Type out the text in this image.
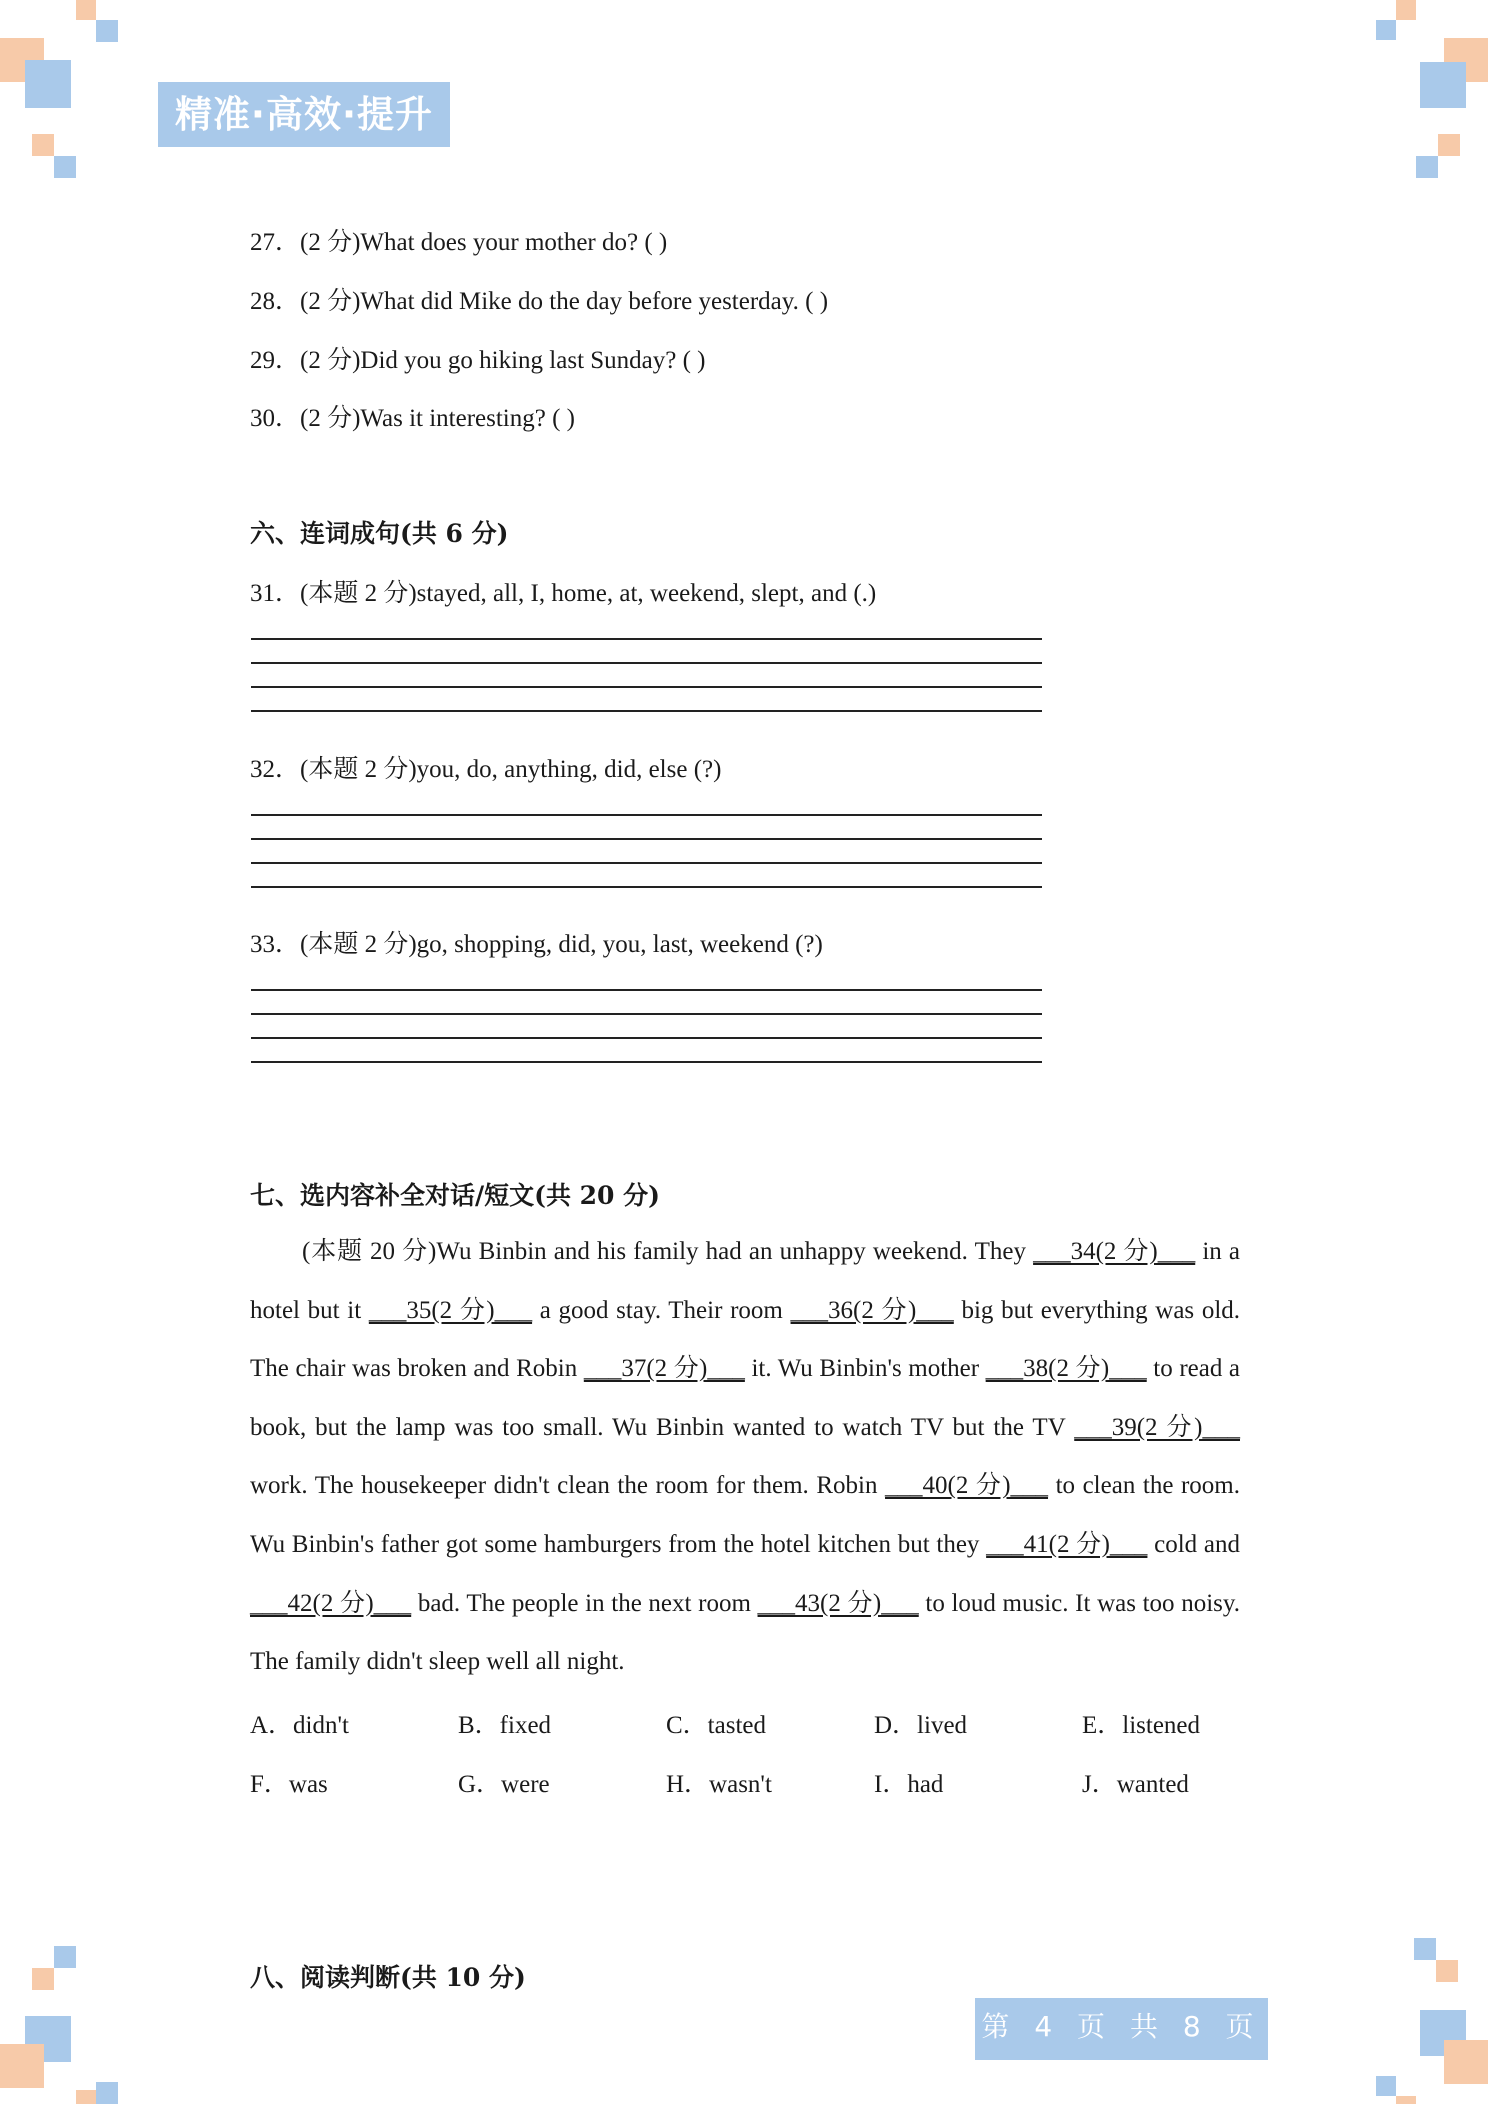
精准·高效·提升
27．(2 分)What does your mother do? ( )
28．(2 分)What did Mike do the day before yesterday. ( )
29．(2 分)Did you go hiking last Sunday? ( )
30．(2 分)Was it interesting? ( )
六、连词成句(共 6 分)
31．(本题 2 分)stayed, all, I, home, at, weekend, slept, and (.)
32．(本题 2 分)you, do, anything, did, else (?)
33．(本题 2 分)go, shopping, did, you, last, weekend (?)
七、选内容补全对话/短文(共 20 分)

(本题 20 分)Wu Binbin and his family had an unhappy weekend. They ___34(2 分)___ in a hotel but it ___35(2 分)___ a good stay. Their room ___36(2 分)___ big but everything was old. The chair was broken and Robin ___37(2 分)___ it. Wu Binbin's mother ___38(2 分)___ to read a book, but the lamp was too small. Wu Binbin wanted to watch TV but the TV ___39(2 分)___ work. The housekeeper didn't clean the room for them. Robin ___40(2 分)___ to clean the room. Wu Binbin's father got some hamburgers from the hotel kitchen but they ___41(2 分)___ cold and ___42(2 分)___ bad. The people in the next room ___43(2 分)___ to loud music. It was too noisy. The family didn't sleep well all night.

A．didn't	B．fixed	C．tasted	D．lived	E．listened
F．was	G．were	H．wasn't	I．had	J．wanted
八、阅读判断(共 10 分)
第 4 页 共 8 页
